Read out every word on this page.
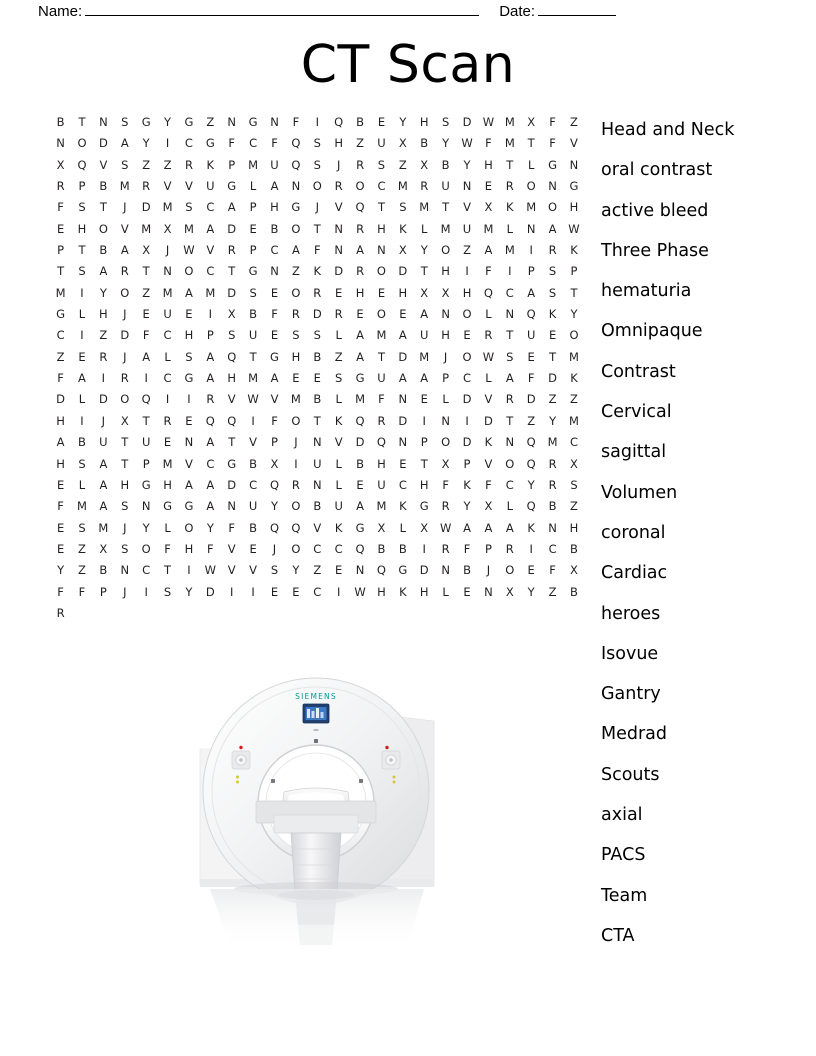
Name:	Date:
CT Scan
B	T	N	S	G	Y	G	Z	N	G	N	F	I	Q	B	E	Y	H	S	D W M	X	F	Z
N	O	D	A	Y	I	C	G	F	C	F	Q	S	H	Z	U	X	B	Y	W	F	M	T	F	V
X	Q	V	S	Z	Z	R	K	P	M	U	Q	S	J	R	S	Z	X	B	Y	H	T	L	G	N
R	P	B	M	R	V	V	U	G	L	A	N	O	R	O	C	M	R	U	N	E	R	O	N	G
F	S	T	J	D	M	S	C	A	P	H	G	J	V	Q	T	S	M	T	V	X	K	M	O	H
E	H	O	V	M	X	M	A	D	E	B	O	T	N	R	H	K	L	M	U	M	L	N	A	W
P	T	B	A	X	J	W	V	R	P	C	A	F	N	A	N	X	Y	O	Z	A	M	I	R	K
T	S	A	R	T	N	O	C	T	G	N	Z	K	D	R	O	D	T	H	I	F	I	P	S	P
M	I	Y	O	Z	M	A	M	D	S	E	O	R	E	H	E	H	X	X	H	Q	C	A	S	T
G	L	H	J	E	U	E	I	X	B	F	R	D	R	E	O	E	A	N	O	L	N	Q	K	Y
C	I	Z	D	F	C	H	P	S	U	E	S	S	L	A	M	A	U	H	E	R	T	U	E	O
Z	E	R	J	A	L	S	A	Q	T	G	H	B	Z	A	T	D	M	J	O W	S	E	T	M
F	A	I	R	I	C	G	A	H	M	A	E	E	S	G	U	A	A	P	C	L	A	F	D	K
D	L	D	O	Q	I	I	R	V	W	V	M	B	L	M	F	N	E	L	D	V	R	D	Z	Z
H	I	J	X	T	R	E	Q	Q	I	F	O	T	K	Q	R	D	I	N	I	D	T	Z	Y	M
A	B	U	T	U	E	N	A	T	V	P	J	N	V	D	Q	N	P	O	D	K	N	Q	M	C
H	S	A	T	P	M	V	C	G	B	X	I	U	L	B	H	E	T	X	P	V	O	Q	R	X
E	L	A	H	G	H	A	A	D	C	Q	R	N	L	E	U	C	H	F	K	F	C	Y	R	S
F	M	A	S	N	G	G	A	N	U	Y	O	B	U	A	M	K	G	R	Y	X	L	Q	B	Z
E	S	M	J	Y	L	O	Y	F	B	Q	Q	V	K	G	X	L	X	W	A	A	A	K	N	H
E	Z	X	S	O	F	H	F	V	E	J	O	C	C	Q	B	B	I	R	F	P	R	I	C	B
Y	Z	B	N	C	T	I	W	V	V	S	Y	Z	E	N	Q	G	D	N	B	J	O	E	F	X
F	F	P	J	I	S	Y	D	I	I	E	E	C	I	W H	K	H	L	E	N	X	Y	Z	B
R
Head and Neck
oral contrast
active bleed
Three Phase
hematuria
Omnipaque
Contrast
Cervical
sagittal
Volumen
coronal
Cardiac
heroes
Isovue
Gantry
Medrad
Scouts
axial
PACS
Team
CTA
SIEMENS
